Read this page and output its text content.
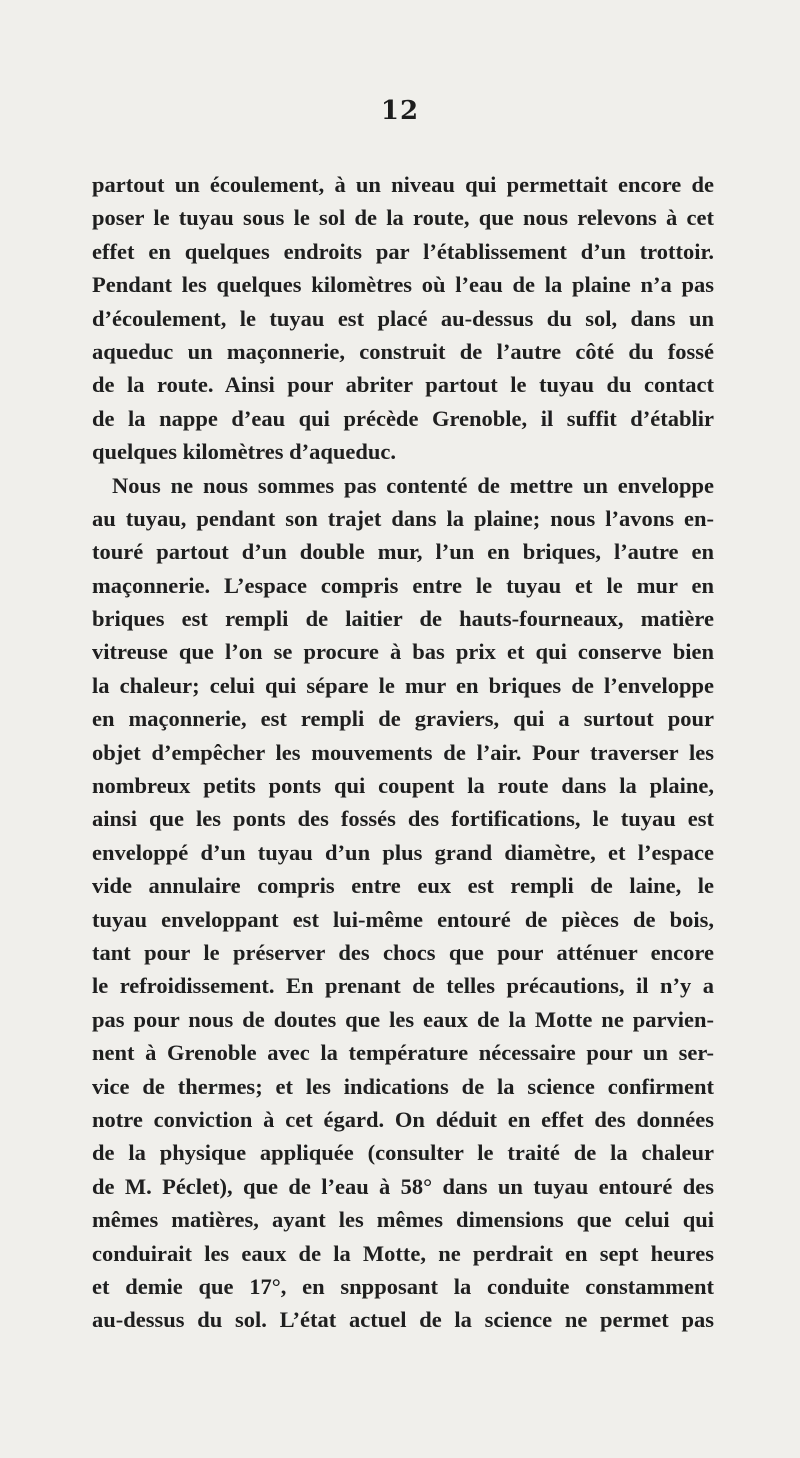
12
partout un écoulement, à un niveau qui permettait encore de
poser le tuyau sous le sol de la route, que nous relevons à cet
effet en quelques endroits par l’établissement d’un trottoir.
Pendant les quelques kilomètres où l’eau de la plaine n’a pas
d’écoulement, le tuyau est placé au-dessus du sol, dans un
aqueduc un maçonnerie, construit de l’autre côté du fossé
de la route. Ainsi pour abriter partout le tuyau du contact
de la nappe d’eau qui précède Grenoble, il suffit d’établir
quelques kilomètres d’aqueduc.
Nous ne nous sommes pas contenté de mettre un enveloppe
au tuyau, pendant son trajet dans la plaine; nous l’avons en-
touré partout d’un double mur, l’un en briques, l’autre en
maçonnerie. L’espace compris entre le tuyau et le mur en
briques est rempli de laitier de hauts-fourneaux, matière
vitreuse que l’on se procure à bas prix et qui conserve bien
la chaleur; celui qui sépare le mur en briques de l’enveloppe
en maçonnerie, est rempli de graviers, qui a surtout pour
objet d’empêcher les mouvements de l’air. Pour traverser les
nombreux petits ponts qui coupent la route dans la plaine,
ainsi que les ponts des fossés des fortifications, le tuyau est
enveloppé d’un tuyau d’un plus grand diamètre, et l’espace
vide annulaire compris entre eux est rempli de laine, le
tuyau enveloppant est lui-même entouré de pièces de bois,
tant pour le préserver des chocs que pour atténuer encore
le refroidissement. En prenant de telles précautions, il n’y a
pas pour nous de doutes que les eaux de la Motte ne parvien-
nent à Grenoble avec la température nécessaire pour un ser-
vice de thermes; et les indications de la science confirment
notre conviction à cet égard. On déduit en effet des données
de la physique appliquée (consulter le traité de la chaleur
de M. Péclet), que de l’eau à 58° dans un tuyau entouré des
mêmes matières, ayant les mêmes dimensions que celui qui
conduirait les eaux de la Motte, ne perdrait en sept heures
et demie que 17°, en snpposant la conduite constamment
au-dessus du sol. L’état actuel de la science ne permet pas
